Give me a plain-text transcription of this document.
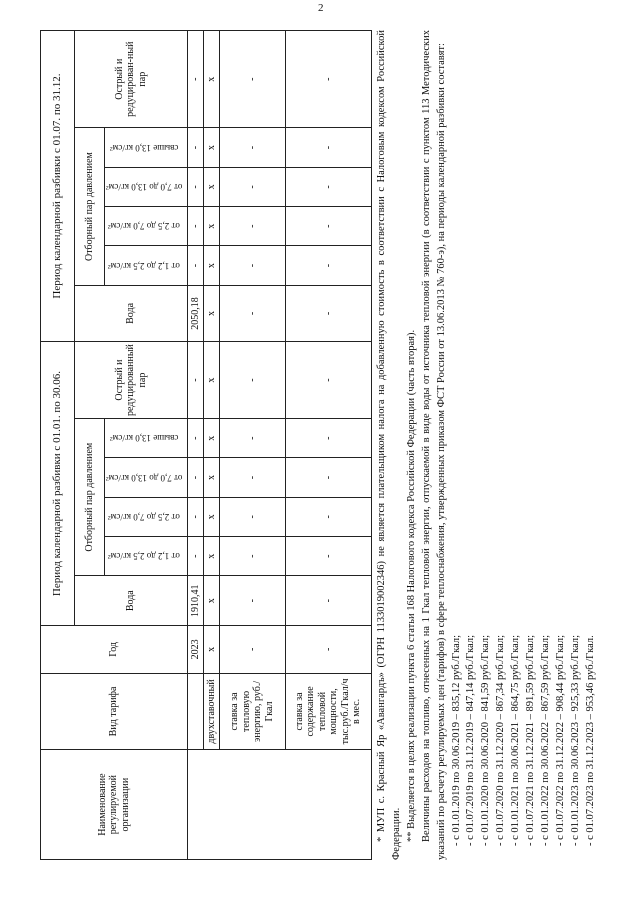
2
Наименование регулируемой организации	Вид тарифа	Год	Период календарной разбивки с 01.01. по 30.06.						Период календарной разбивки с 01.07. по 31.12.					
			Вода	Отборный пар давлением				Острый и редуцированный пар	Вода	Отборный пар давлением				Острый и редуцирован-ный пар
				от 1,2 до 2,5 кг/см²	от 2,5 до 7,0 кг/см²	от 7,0 до 13,0 кг/см²	свыше 13,0 кг/см²			от 1,2 до 2,5 кг/см²	от 2,5 до 7,0 кг/см²	от 7,0 до 13,0 кг/см²	свыше 13,0 кг/см²	
		2023	1910,41	-	-	-	-	-	2050,18	-	-	-	-	-
	двухставочный	х	х	х	х	х	х	х	х	х	х	х	х	х
	ставка за тепловую энергию, руб./Гкал	-	-	-	-	-	-	-	-	-	-	-	-	-
	ставка за содержание тепловой мощности, тыс.руб./Гкал/ч в мес.	-	-	-	-	-	-	-	-	-	-	-	-	-	* МУП с. Красный Яр «Авангардъ» (ОГРН 1133019002346) не является плательщиком налога на добавленную стоимость в соответствии с Налоговым кодексом Российской Федерации. ** Выделяется в целях реализации пункта 6 статьи 168 Налогового кодекса Российской Федерации (часть вторая). Величины расходов на топливо, отнесенных на 1 Гкал тепловой энергии, отпускаемой в виде воды от источника тепловой энергии (в соответствии с пунктом 113 Методических указаний по расчету регулируемых цен (тарифов) в сфере теплоснабжения, утвержденных приказом ФСТ России от 13.06.2013 № 760-э), на периоды календарной разбивки составят: - с 01.01.2019 по 30.06.2019 – 835,12 руб./Гкал; - с 01.07.2019 по 31.12.2019 – 847,14 руб./Гкал; - с 01.01.2020 по 30.06.2020 – 841,59 руб./Гкал; - с 01.07.2020 по 31.12.2020 – 867,34 руб./Гкал; - с 01.01.2021 по 30.06.2021 – 864,75 руб./Гкал; - с 01.07.2021 по 31.12.2021 – 891,59 руб./Гкал; - с 01.01.2022 по 30.06.2022 – 867,59 руб./Гкал; - с 01.07.2022 по 31.12.2022 – 908,44 руб./Гкал; - с 01.01.2023 по 30.06.2023 – 925,33 руб./Гкал; - с 01.07.2023 по 31.12.2023 – 953,46 руб./Гкал.
